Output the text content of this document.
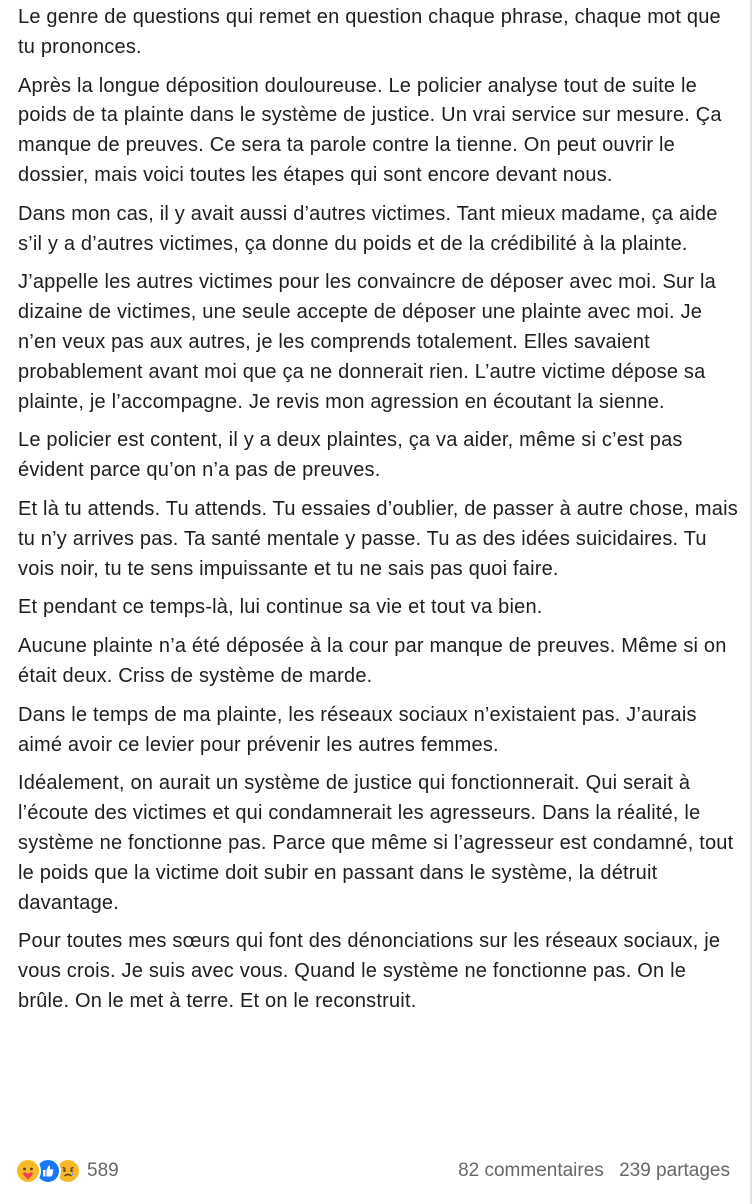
Le genre de questions qui remet en question chaque phrase, chaque mot que tu prononces.

Après la longue déposition douloureuse. Le policier analyse tout de suite le poids de ta plainte dans le système de justice. Un vrai service sur mesure. Ça manque de preuves. Ce sera ta parole contre la tienne. On peut ouvrir le dossier, mais voici toutes les étapes qui sont encore devant nous.

Dans mon cas, il y avait aussi d’autres victimes. Tant mieux madame, ça aide s’il y a d’autres victimes, ça donne du poids et de la crédibilité à la plainte.

J’appelle les autres victimes pour les convaincre de déposer avec moi. Sur la dizaine de victimes, une seule accepte de déposer une plainte avec moi. Je n’en veux pas aux autres, je les comprends totalement. Elles savaient probablement avant moi que ça ne donnerait rien. L’autre victime dépose sa plainte, je l’accompagne. Je revis mon agression en écoutant la sienne.

Le policier est content, il y a deux plaintes, ça va aider, même si c’est pas évident parce qu’on n’a pas de preuves.

Et là tu attends. Tu attends. Tu essaies d’oublier, de passer à autre chose, mais tu n’y arrives pas. Ta santé mentale y passe. Tu as des idées suicidaires. Tu vois noir, tu te sens impuissante et tu ne sais pas quoi faire.

Et pendant ce temps-là, lui continue sa vie et tout va bien.

Aucune plainte n’a été déposée à la cour par manque de preuves. Même si on était deux. Criss de système de marde.

Dans le temps de ma plainte, les réseaux sociaux n’existaient pas. J’aurais aimé avoir ce levier pour prévenir les autres femmes.

Idéalement, on aurait un système de justice qui fonctionnerait. Qui serait à l’écoute des victimes et qui condamnerait les agresseurs. Dans la réalité, le système ne fonctionne pas. Parce que même si l’agresseur est condamné, tout le poids que la victime doit subir en passant dans le système, la détruit davantage.

Pour toutes mes sœurs qui font des dénonciations sur les réseaux sociaux, je vous crois. Je suis avec vous. Quand le système ne fonctionne pas. On le brûle. On le met à terre. Et on le reconstruit.

589	82 commentaires 239 partages
